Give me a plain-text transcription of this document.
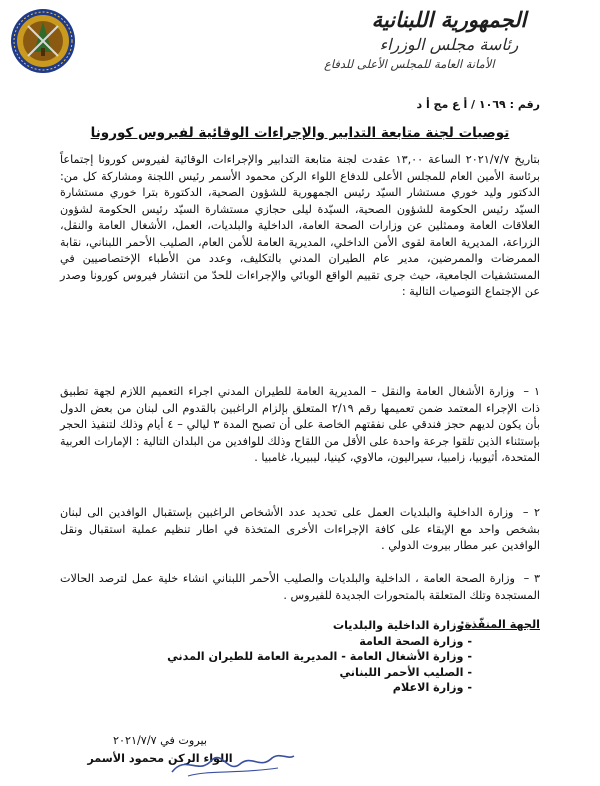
الجمهورية اللبنانية
رئاسة مجلس الوزراء
الأمانة العامة للمجلس الأعلى للدفاع
رقم : ١٠٦٩ / أ ع مج أ د
توصيات لجنة متابعة التدابير والإجراءات الوقائية لفيروس كورونا
بتاريخ ٢٠٢١/٧/٧ الساعة ١٣,٠٠ عقدت لجنة متابعة التدابير والإجراءات الوقائية لفيروس كورونا إجتماعاً برئاسة الأمين العام للمجلس الأعلى للدفاع اللواء الركن محمود الأسمر رئيس اللجنة ومشاركة كل من: الدكتور وليد خوري مستشار السيّد رئيس الجمهورية للشؤون الصحية، الدكتورة بترا خوري مستشارة السيّد رئيس الحكومة للشؤون الصحية، السيّدة ليلى حجازي مستشارة السيّد رئيس الحكومة لشؤون العلاقات العامة وممثلين عن وزارات الصحة العامة، الداخلية والبلديات، العمل، الأشغال العامة والنقل، الزراعة، المديرية العامة لقوى الأمن الداخلي، المديرية العامة للأمن العام، الصليب الأحمر اللبناني، نقابة الممرضات والممرضين، مدير عام الطيران المدني بالتكليف، وعدد من الأطباء الإختصاصيين في المستشفيات الجامعية، حيث جرى تقييم الواقع الوبائي والإجراءات للحدّ من انتشار فيروس كورونا وصدر عن الإجتماع التوصيات التالية :
١ – وزارة الأشغال العامة والنقل – المديرية العامة للطيران المدني اجراء التعميم اللازم لجهة تطبيق ذات الإجراء المعتمد ضمن تعميمها رقم ٢/١٩ المتعلق بإلزام الراغبين بالقدوم الى لبنان من بعض الدول بأن يكون لديهم حجز فندقي على نفقتهم الخاصة على أن تصبح المدة ٣ ليالي – ٤ أيام وذلك لتنفيذ الحجر بإستثناء الذين تلقوا جرعة واحدة على الأقل من اللقاح وذلك للوافدين من البلدان التالية : الإمارات العربية المتحدة، أثيوبيا، زامبيا، سيراليون، مالاوي، كينيا، ليبيريا، غامبيا .
٢ – وزارة الداخلية والبلديات العمل على تحديد عدد الأشخاص الراغبين بإستقبال الوافدين الى لبنان بشخص واحد مع الإبقاء على كافة الإجراءات الأخرى المتخذة في اطار تنظيم عملية استقبال ونقل الوافدين عبر مطار بيروت الدولي .
٣ – وزارة الصحة العامة ، الداخلية والبلديات والصليب الأحمر اللبناني انشاء خلية عمل لترصد الحالات المستجدة وتلك المتعلقة بالمتحورات الجديدة للفيروس .
الجهة المنفّذة:
- وزارة الداخلية والبلديات
- وزارة الصحة العامة
- وزارة الأشغال العامة - المديرية العامة للطيران المدني
- الصليب الأحمر اللبناني
- وزارة الاعلام
بيروت في ٢٠٢١/٧/٧
اللواء الركن محمود الأسمر
